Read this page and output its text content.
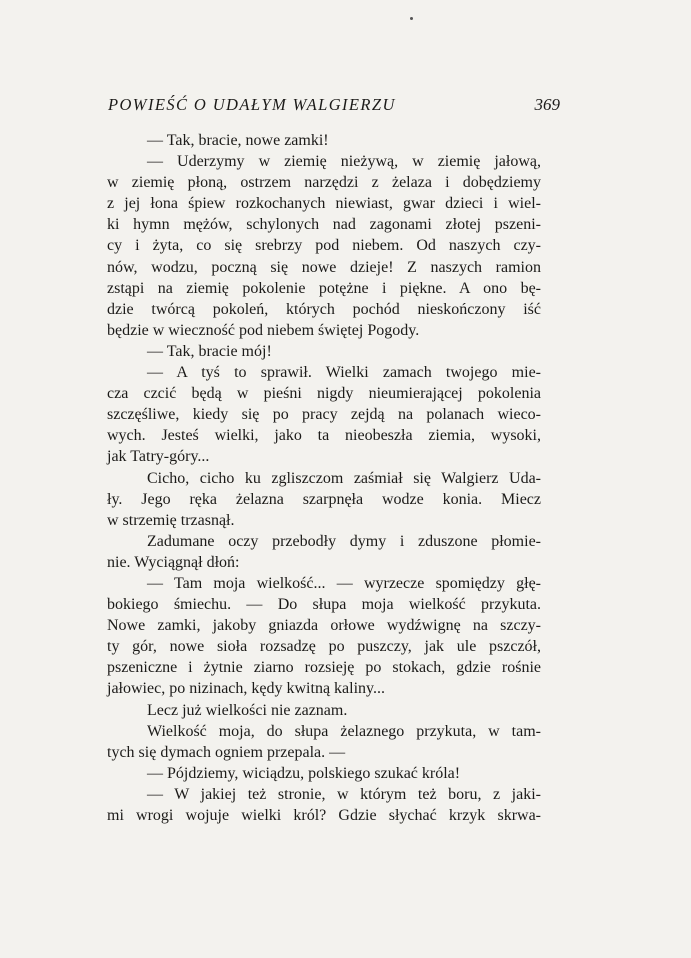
POWIEŚĆ O UDAŁYM WALGIERZU	369
— Tak, bracie, nowe zamki!
— Uderzymy w ziemię nieżywą, w ziemię jałową,
w ziemię płoną, ostrzem narzędzi z żelaza i dobędziemy
z jej łona śpiew rozkochanych niewiast, gwar dzieci i wiel-
ki hymn mężów, schylonych nad zagonami złotej pszeni-
cy i żyta, co się srebrzy pod niebem. Od naszych czy-
nów, wodzu, poczną się nowe dzieje! Z naszych ramion
zstąpi na ziemię pokolenie potężne i piękne. A ono bę-
dzie twórcą pokoleń, których pochód nieskończony iść
będzie w wieczność pod niebem świętej Pogody.
— Tak, bracie mój!
— A tyś to sprawił. Wielki zamach twojego mie-
cza czcić będą w pieśni nigdy nieumierającej pokolenia
szczęśliwe, kiedy się po pracy zejdą na polanach wieco-
wych. Jesteś wielki, jako ta nieobeszła ziemia, wysoki,
jak Tatry-góry...
Cicho, cicho ku zgliszczom zaśmiał się Walgierz Uda-
ły. Jego ręka żelazna szarpnęła wodze konia. Miecz
w strzemię trzasnął.
Zadumane oczy przebodły dymy i zduszone płomie-
nie. Wyciągnął dłoń:
— Tam moja wielkość... — wyrzecze spomiędzy głę-
bokiego śmiechu. — Do słupa moja wielkość przykuta.
Nowe zamki, jakoby gniazda orłowe wydźwignę na szczy-
ty gór, nowe sioła rozsadzę po puszczy, jak ule pszczół,
pszeniczne i żytnie ziarno rozsieję po stokach, gdzie rośnie
jałowiec, po nizinach, kędy kwitną kaliny...
Lecz już wielkości nie zaznam.
Wielkość moja, do słupa żelaznego przykuta, w tam-
tych się dymach ogniem przepala. —
— Pójdziemy, wiciądzu, polskiego szukać króla!
— W jakiej też stronie, w którym też boru, z jaki-
mi wrogi wojuje wielki król? Gdzie słychać krzyk skrwa-
